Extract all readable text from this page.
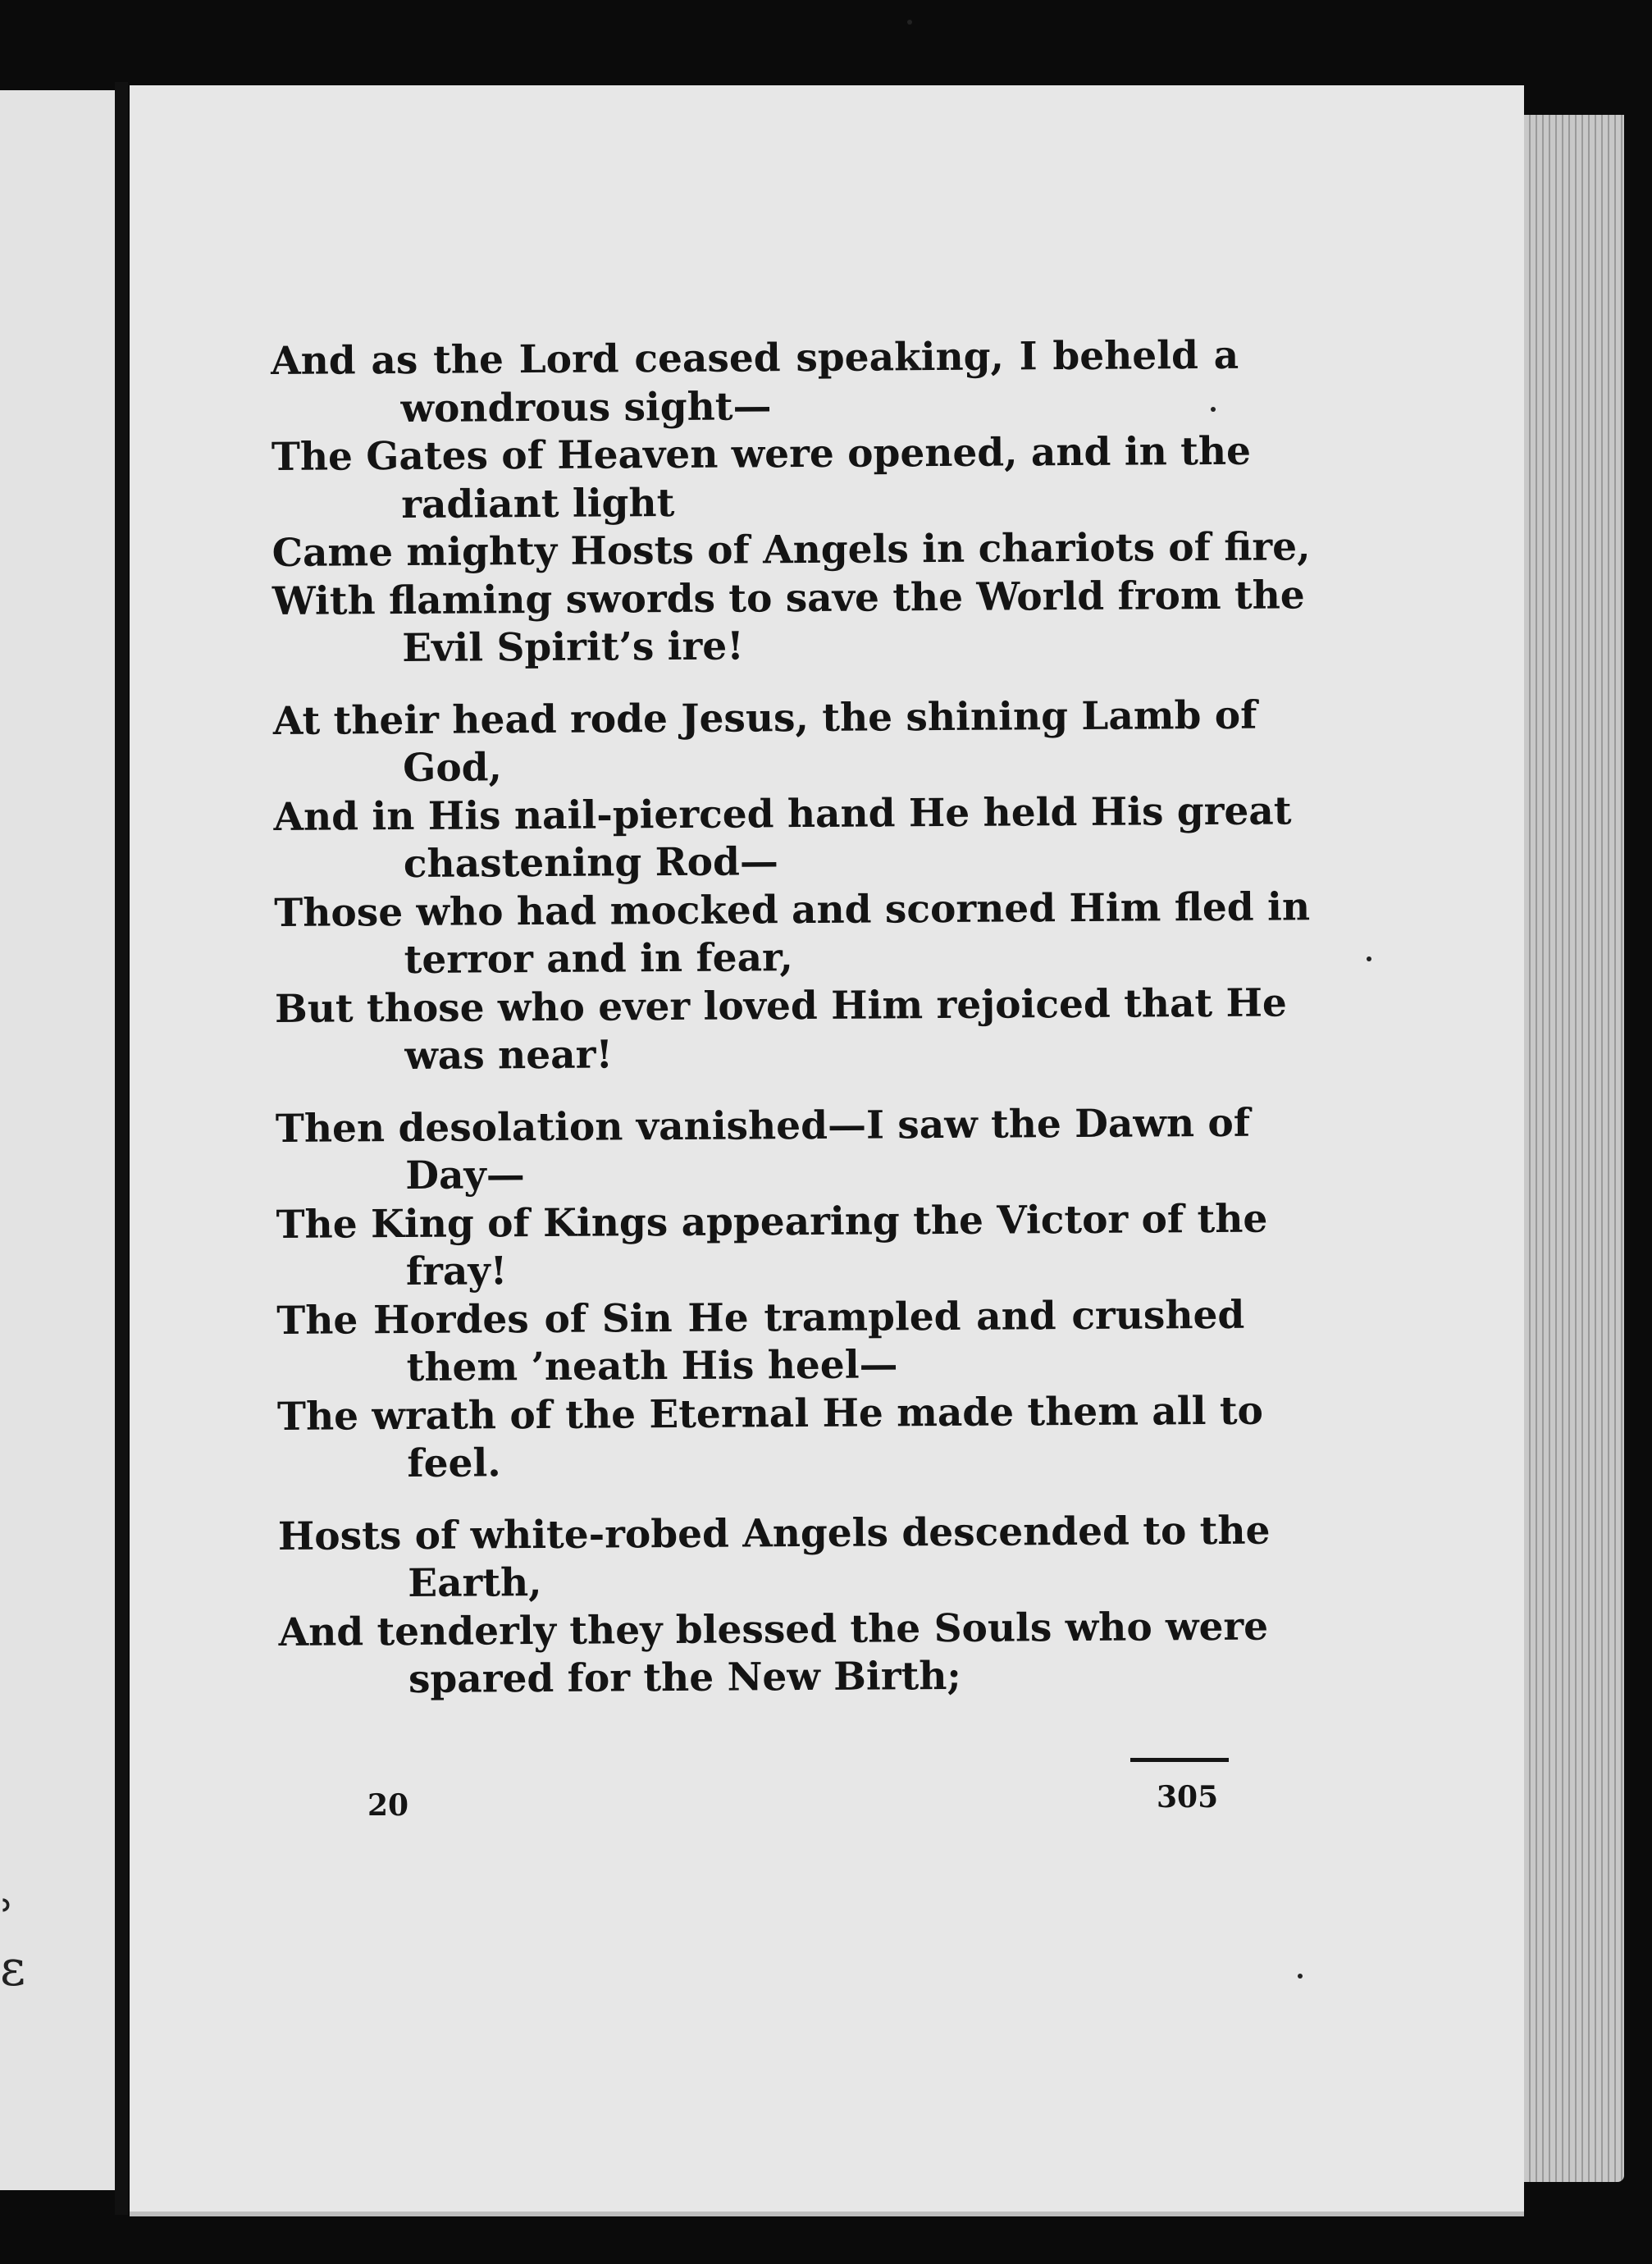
ʾ
ɛ
And as the Lord ceased speaking, I beheld a
wondrous sight—
The Gates of Heaven were opened, and in the
radiant light
Came mighty Hosts of Angels in chariots of fire,
With flaming swords to save the World from the
Evil Spirit’s ire!
At their head rode Jesus, the shining Lamb of
God,
And in His nail-pierced hand He held His great
chastening Rod—
Those who had mocked and scorned Him fled in
terror and in fear,
But those who ever loved Him rejoiced that He
was near!
Then desolation vanished—I saw the Dawn of
Day—
The King of Kings appearing the Victor of the
fray!
The Hordes of Sin He trampled and crushed
them ’neath His heel—
The wrath of the Eternal He made them all to
feel.
Hosts of white-robed Angels descended to the
Earth,
And tenderly they blessed the Souls who were
spared for the New Birth;
20	305
